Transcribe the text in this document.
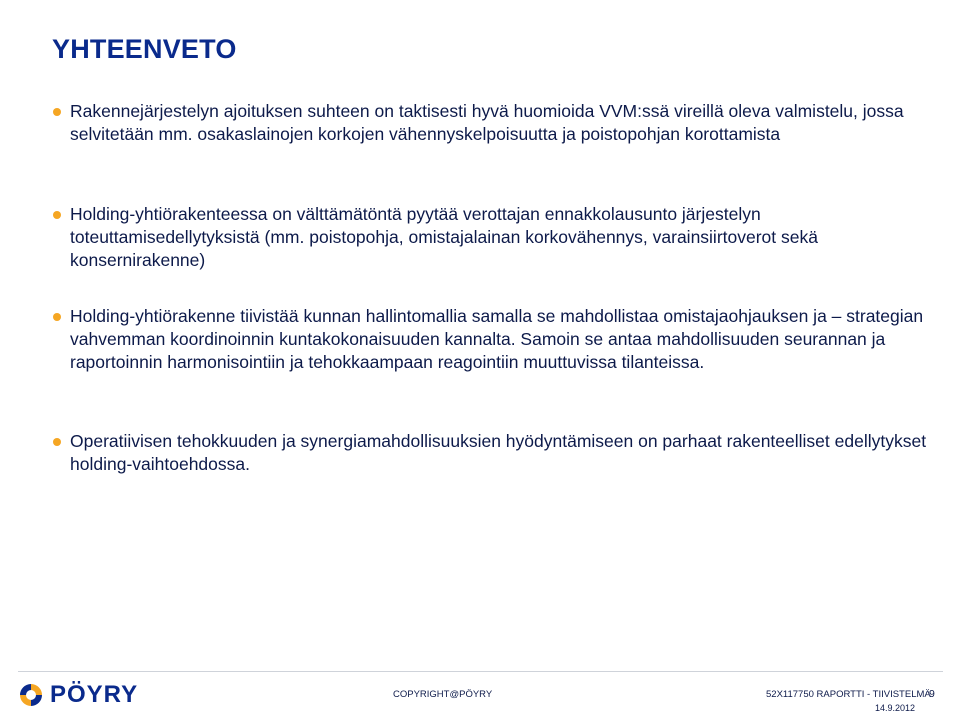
YHTEENVETO
Rakennejärjestelyn ajoituksen suhteen on taktisesti hyvä huomioida VVM:ssä vireillä oleva valmistelu, jossa selvitetään mm. osakaslainojen korkojen vähennyskelpoisuutta ja poistopohjan korottamista
Holding-yhtiörakenteessa on välttämätöntä pyytää verottajan ennakkolausunto järjestelyn toteuttamisedellytyksistä (mm. poistopohja, omistajalainan korkovähennys, varainsiirtoverot sekä konsernirakenne)
Holding-yhtiörakenne tiivistää kunnan hallintomallia samalla se mahdollistaa omistajaohjauksen ja – strategian vahvemman koordinoinnin kuntakokonaisuuden kannalta. Samoin se antaa mahdollisuuden seurannan ja raportoinnin harmonisointiin ja tehokkaampaan reagointiin muuttuvissa tilanteissa.
Operatiivisen tehokkuuden ja synergiamahdollisuuksien hyödyntämiseen on parhaat rakenteelliset edellytykset holding-vaihtoehdossa.
PÖYRY	COPYRIGHT@PÖYRY	52X117750 RAPORTTI - TIIVISTELMÄ
14.9.2012
9
